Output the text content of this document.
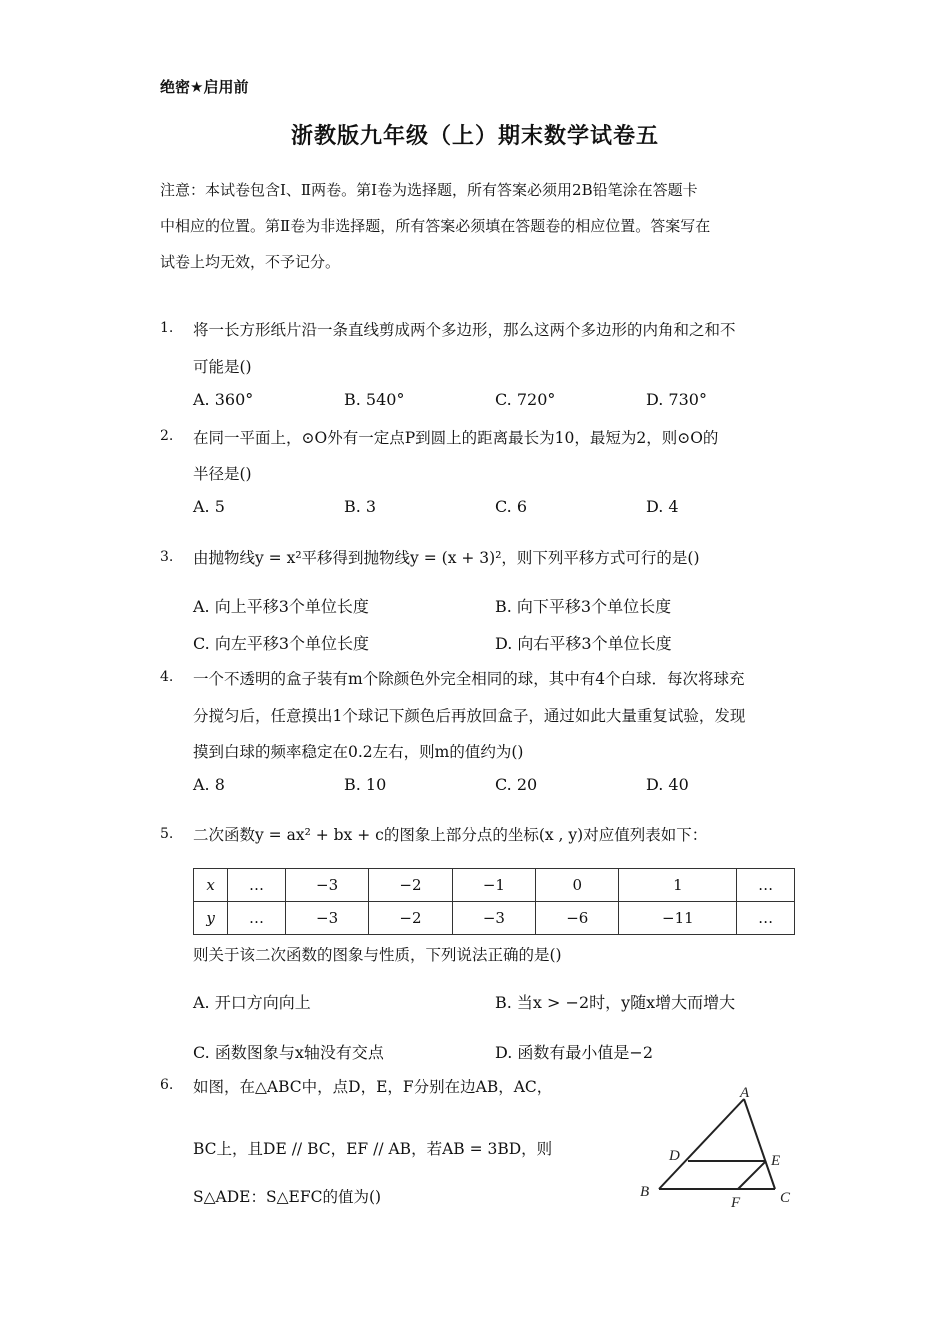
绝密★启用前
浙教版九年级（上）期末数学试卷五
注意：本试卷包含Ⅰ、Ⅱ两卷。第Ⅰ卷为选择题，所有答案必须用2B铅笔涂在答题卡
中相应的位置。第Ⅱ卷为非选择题，所有答案必须填在答题卷的相应位置。答案写在
试卷上均无效，不予记分。
1. 将一长方形纸片沿一条直线剪成两个多边形，那么这两个多边形的内角和之和不
可能是()
A. 360°	B. 540°	C. 720°	D. 730°
2. 在同一平面上，⊙O外有一定点P到圆上的距离最长为10，最短为2，则⊙O的
半径是()
A. 5	B. 3	C. 6	D. 4
3. 由抛物线y = x²平移得到抛物线y = (x + 3)²，则下列平移方式可行的是()
A. 向上平移3个单位长度	B. 向下平移3个单位长度
C. 向左平移3个单位长度	D. 向右平移3个单位长度
4. 一个不透明的盒子装有m个除颜色外完全相同的球，其中有4个白球．每次将球充
分搅匀后，任意摸出1个球记下颜色后再放回盒子，通过如此大量重复试验，发现
摸到白球的频率稳定在0.2左右，则m的值约为()
A. 8	B. 10	C. 20	D. 40
5. 二次函数y = ax² + bx + c的图象上部分点的坐标(x , y)对应值列表如下：
x	…	−3	−2	−1	0	1	…
y	…	−3	−2	−3	−6	−11	…
则关于该二次函数的图象与性质，下列说法正确的是()
A. 开口方向向上	B. 当x > −2时，y随x增大而增大
C. 函数图象与x轴没有交点	D. 函数有最小值是−2
6. 如图，在△ABC中，点D，E，F分别在边AB，AC，
BC上，且DE // BC，EF // AB，若AB = 3BD，则
S△ADE：S△EFC的值为()
A
B	C
D	E
F
